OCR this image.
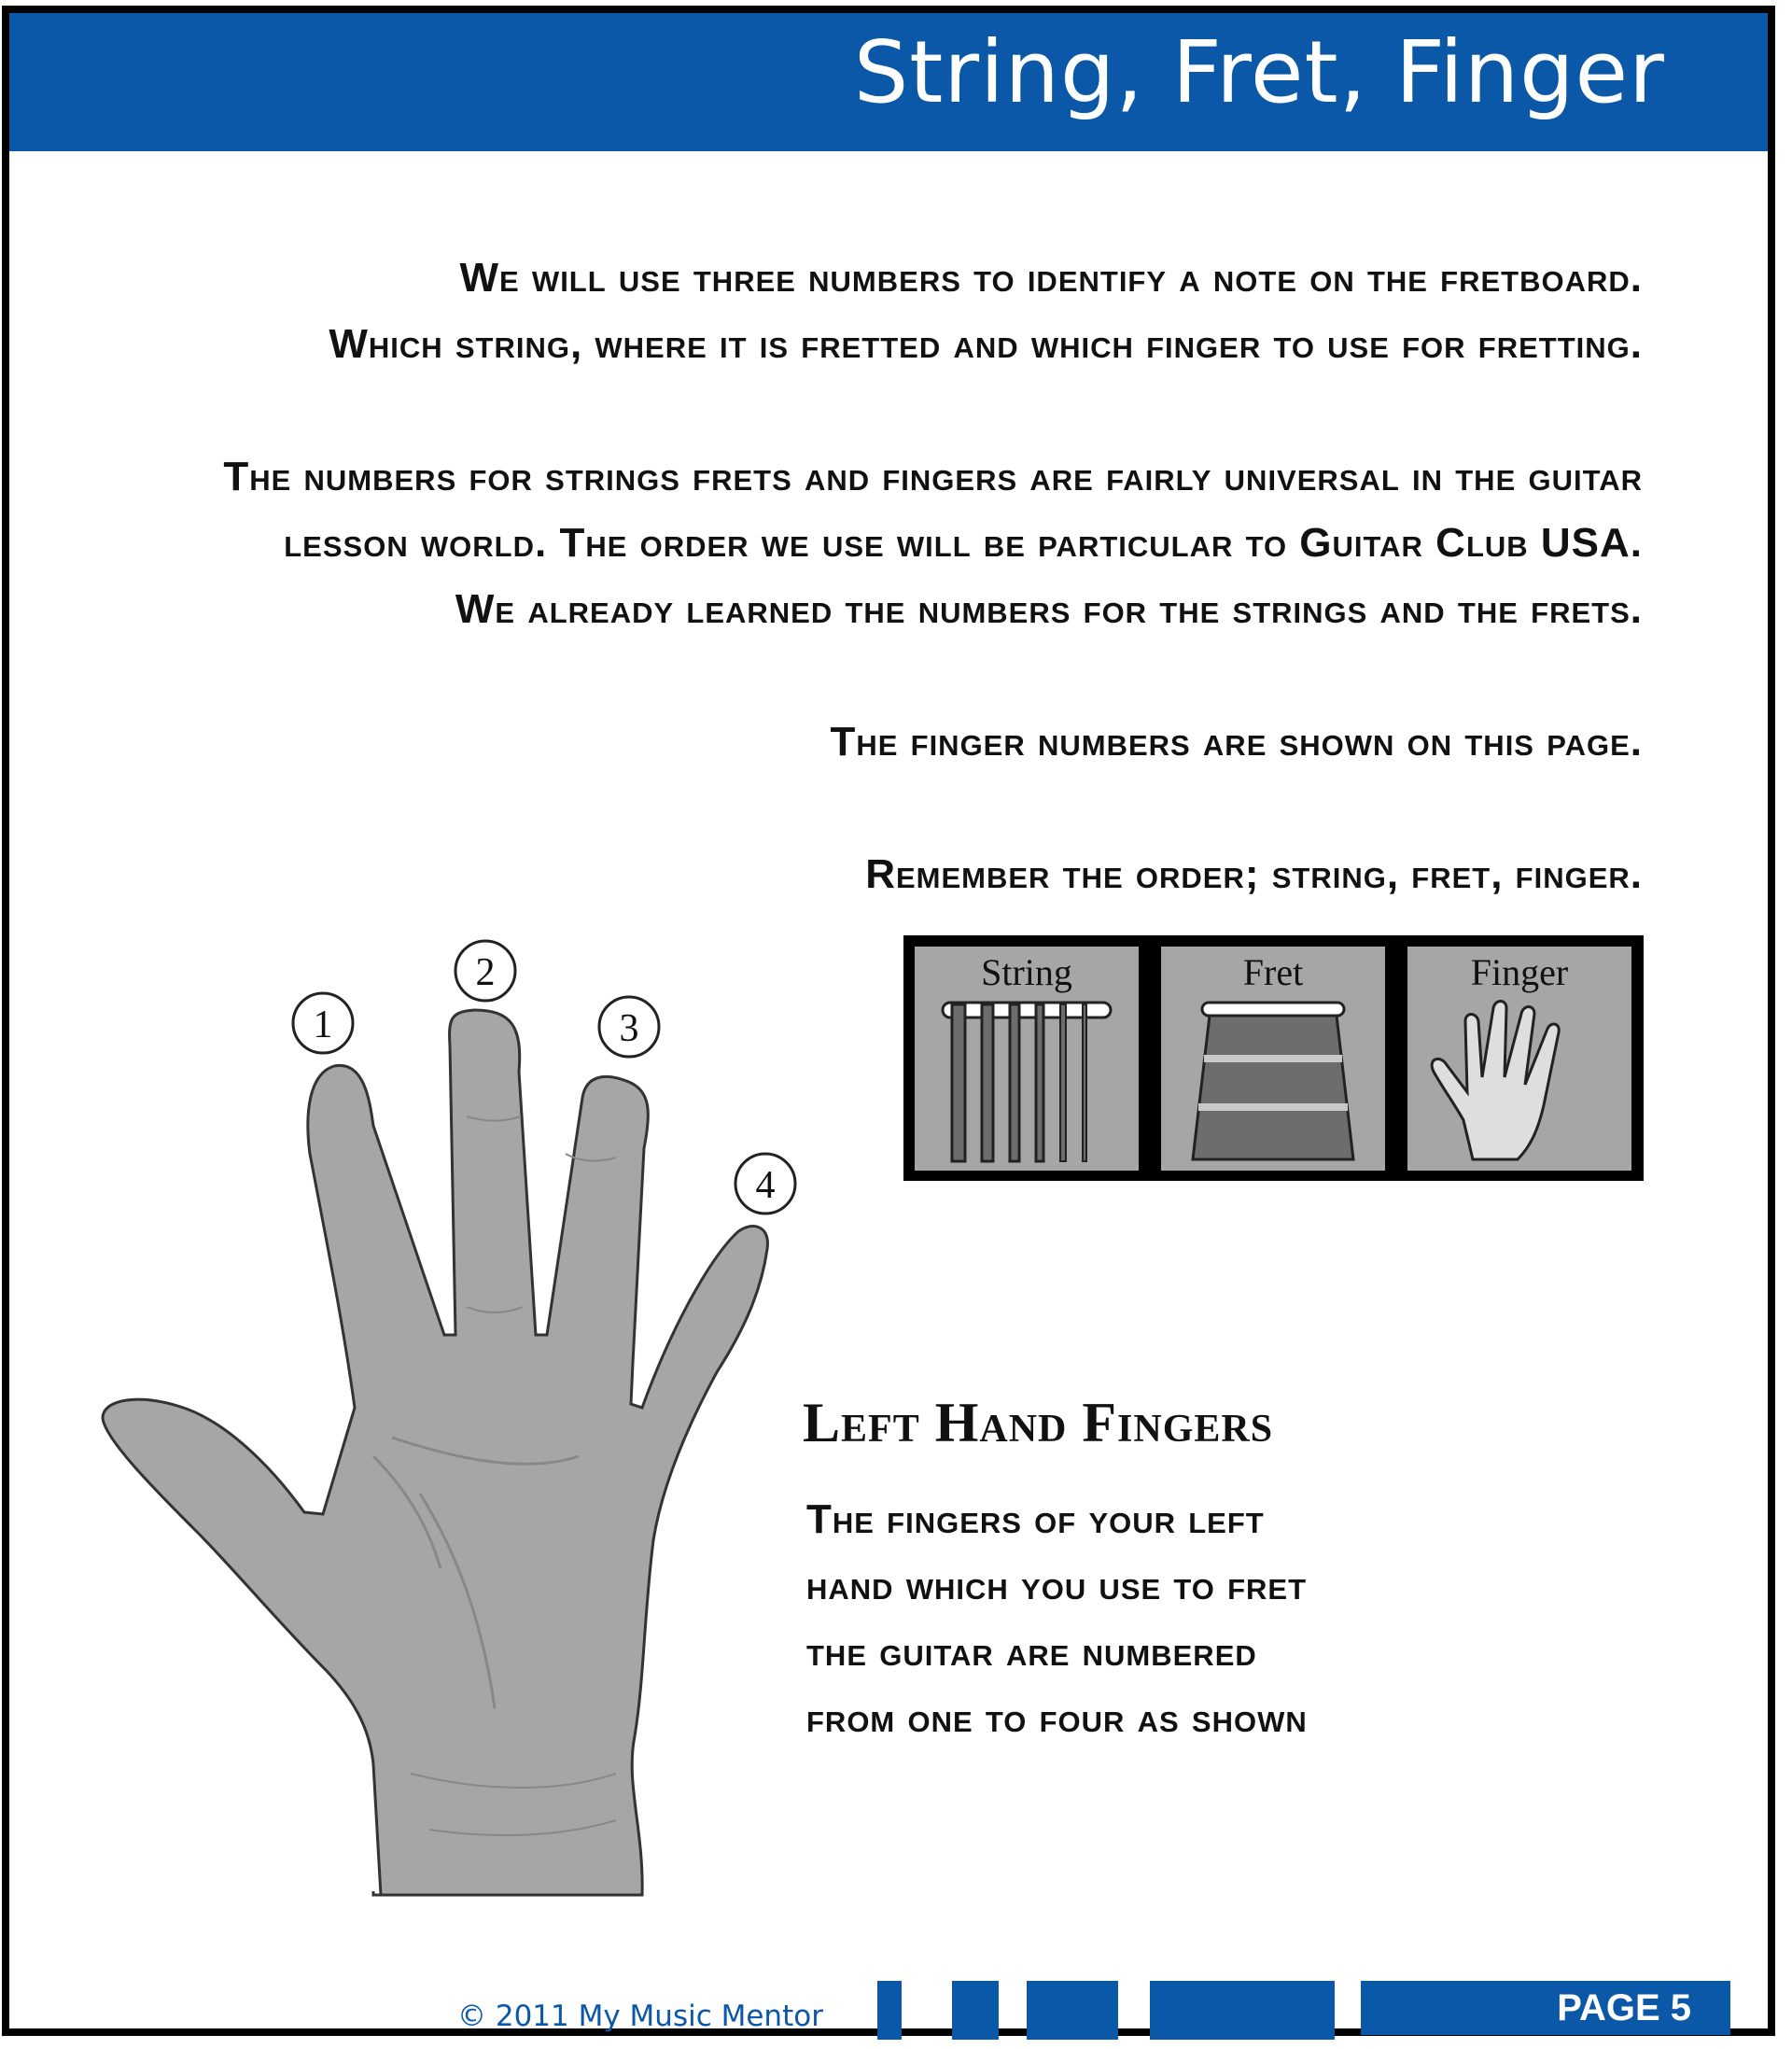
String, Fret, Finger

We will use three numbers to identify a note on the fretboard.

Which string, where it is fretted and which finger to use for fretting.

The numbers for strings frets and fingers are fairly universal in the guitar

lesson world. The order we use will be particular to Guitar Club USA.

We already learned the numbers for the strings and the frets.

The finger numbers are shown on this page.

Remember the order; string, fret, finger.

String	Fret	Finger
1
2
3
4
Left Hand Fingers

The fingers of your left

hand which you use to fret

the guitar are numbered

from one to four as shown

© 2011 My Music Mentor	PAGE 5
